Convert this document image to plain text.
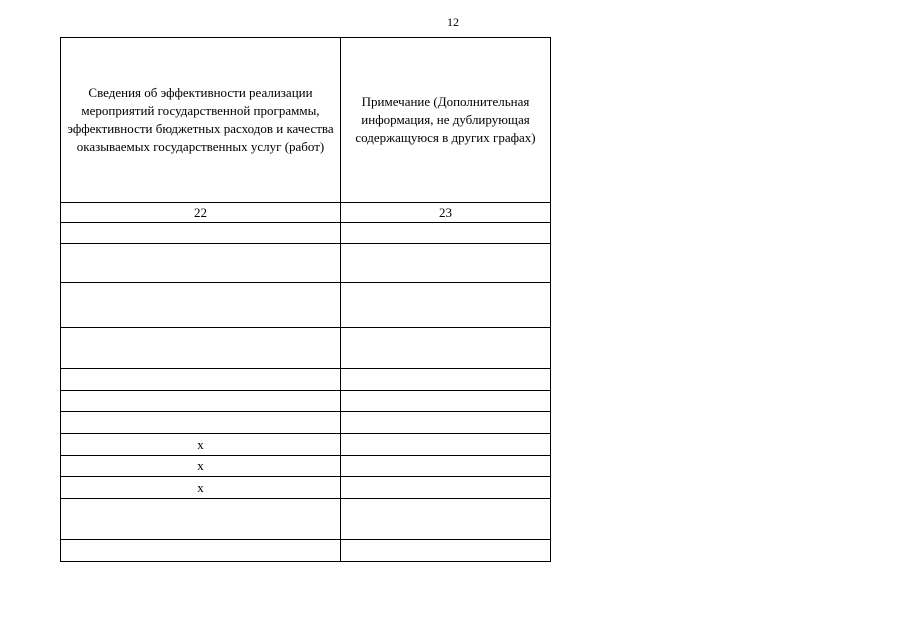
12
Сведения об эффективности реализации мероприятий государственной программы, эффективности бюджетных расходов и качества оказываемых государственных услуг (работ)	Примечание (Дополнительная информация, не дублирующая содержащуюся в других графах)
22	23

x	
x	
x	
